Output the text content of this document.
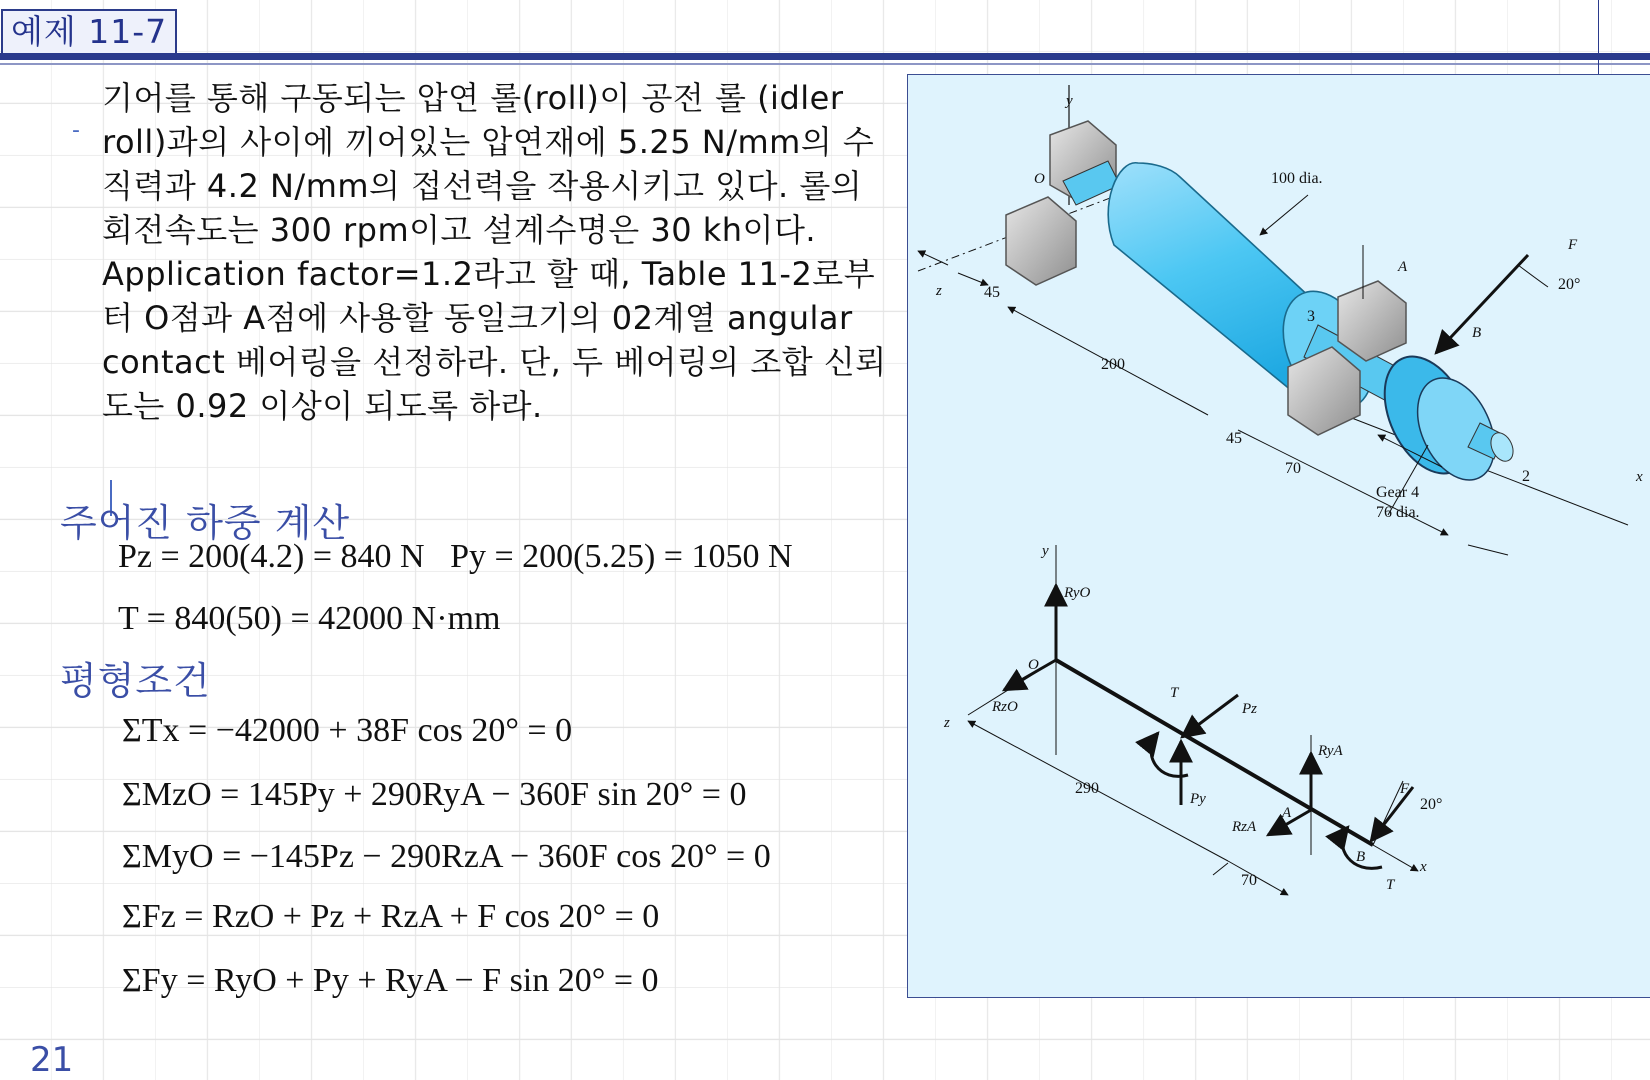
예제 11-7
-

기어를 통해 구동되는 압연 롤(roll)이 공전 롤 (idler roll)과의 사이에 끼어있는 압연재에 5.25 N/mm의 수직력과 4.2 N/mm의 접선력을 작용시키고 있다. 롤의 회전속도는 300 rpm이고 설계수명은 30 kh이다. Application factor=1.2라고 할 때, Table 11-2로부터 O점과 A점에 사용할 동일크기의 02계열 angular contact 베어링을 선정하라. 단, 두 베어링의 조합 신뢰도는 0.92 이상이 되도록 하라.

주어진 하중 계산

Pz = 200(4.2) = 840 N Py = 200(5.25) = 1050 N
T = 840(50) = 42000 N·mm

평형조건

ΣTx = −42000 + 38F cos 20° = 0
ΣMzO = 145Py + 290RyA − 360F sin 20° = 0
ΣMyO = −145Pz − 290RzA − 360F cos 20° = 0
ΣFz = RzO + Pz + RzA + F cos 20° = 0
ΣFy = RyO + Py + RyA − F sin 20° = 0
21
100 dia.
45
200
45
70
20°
Gear 4
76 dia.
O
A
B
F
x
y
z
3
2
290
70
20°
O
A
B
x
y
z
T
T
F
Pz
Py
RyO
RzO
RyA
RzA
